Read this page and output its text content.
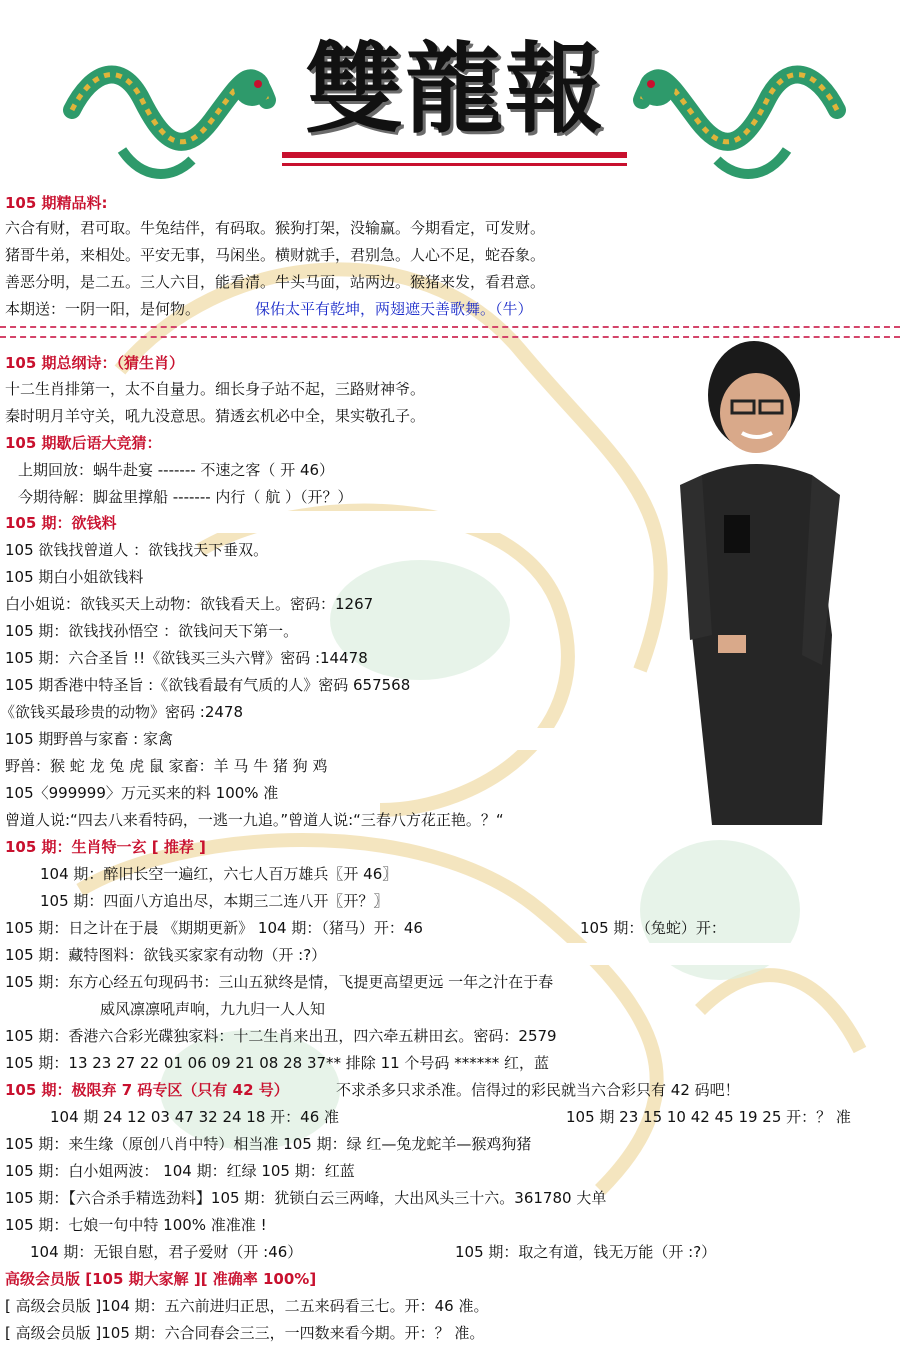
雙龍報
105 期精品料:
六合有财，君可取。牛兔结伴，有码取。猴狗打架，没输赢。今期看定，可发财。
猪哥牛弟，来相处。平安无事，马闲坐。横财就手，君别急。人心不足，蛇吞象。
善恶分明，是二五。三人六目，能看清。牛头马面，站两边。猴猪来发，看君意。
本期送：一阴一阳，是何物。	保佑太平有乾坤，两翅遮天善歌舞。（牛）
105 期总纲诗：（猜生肖）
十二生肖排第一，太不自量力。细长身子站不起，三路财神爷。
秦时明月羊守关，吼九没意思。猜透玄机必中全，果实敬孔子。
105 期歇后语大竞猜：
上期回放：蜗牛赴宴 ------- 不速之客（ 开 46）
今期待解：脚盆里撑船 ------- 内行（ 航 ）（开？）
105 期：欲钱料
105 欲钱找曾道人 ：欲钱找天下垂双。
105 期白小姐欲钱料
白小姐说：欲钱买天上动物：欲钱看天上。密码：1267
105 期：欲钱找孙悟空 ：欲钱问天下第一。
105 期：六合圣旨 !!《欲钱买三头六臂》密码 :14478
105 期香港中特圣旨 :《欲钱看最有气质的人》密码 657568
《欲钱买最珍贵的动物》密码 :2478
105 期野兽与家畜 : 家禽
野兽：猴 蛇 龙 兔 虎 鼠 家畜：羊 马 牛 猪 狗 鸡
105〈999999〉万元买来的料 100% 准
曾道人说:“四去八来看特码，一逃一九追。”曾道人说:“三春八方花正艳。？“
105 期：生肖特一玄 [ 推荐 ]
104 期：醉旧长空一遍红，六七人百万雄兵〖开 46〗
105 期：四面八方追出尽，本期三二连八开〖开？〗
105 期：日之计在于晨 《期期更新》 104 期：（猪马）开：46	105 期：（兔蛇）开：
105 期：藏特图料：欲钱买家家有动物（开 :?）
105 期：东方心经五句现码书：三山五狱终是情，飞提更高望更远 一年之汁在于春
威风凛凛吼声响，九九归一人人知
105 期：香港六合彩光碟独家料：十二生肖来出丑，四六牵五耕田玄。密码：2579
105 期：13 23 27 22 01 06 09 21 08 28 37** 排除 11 个号码 ****** 红，蓝
105 期：极限弃 7 码专区（只有 42 号）	不求杀多只求杀准。信得过的彩民就当六合彩只有 42 码吧！
104 期 24 12 03 47 32 24 18 开：46 准	105 期 23 15 10 42 45 19 25 开：？ 准
105 期：来生缘（原创八肖中特）相当准 105 期：绿 红—兔龙蛇羊—猴鸡狗猪
105 期：白小姐两波： 104 期：红绿 105 期：红蓝
105 期：【六合杀手精选劲料】105 期：犹锁白云三两峰，大出风头三十六。361780 大单
105 期：七娘一句中特 100% 准准准 !
104 期：无银自慰，君子爱财（开 :46）	105 期：取之有道，钱无万能（开 :?）
高级会员版 [105 期大家解 ][ 准确率 100%]
[ 高级会员版 ]104 期：五六前进归正思，二五来码看三七。开：46 准。
[ 高级会员版 ]105 期：六合同春会三三，一四数来看今期。开：？ 准。
